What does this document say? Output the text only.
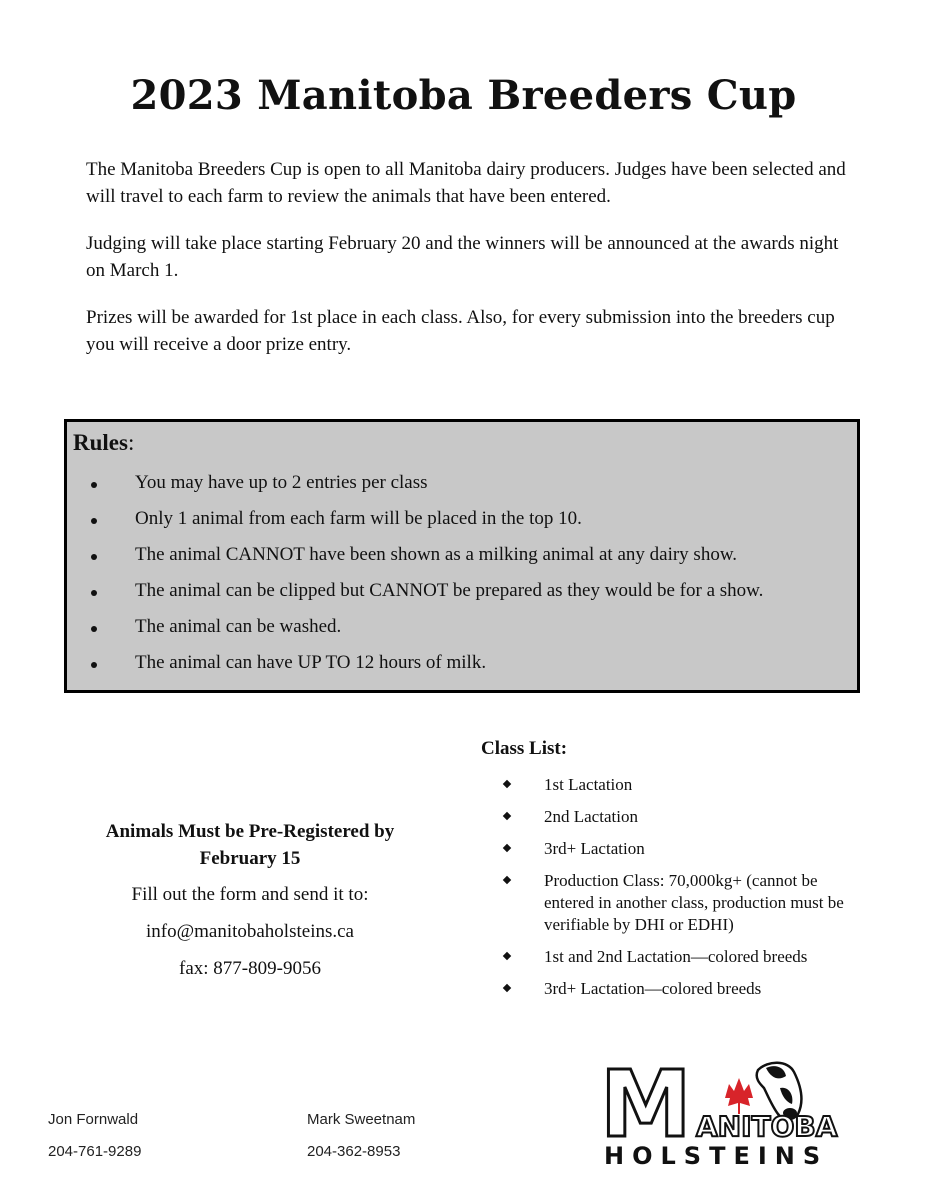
2023 Manitoba Breeders Cup

The Manitoba Breeders Cup is open to all Manitoba dairy producers. Judges have been selected and will travel to each farm to review the animals that have been entered.

Judging will take place starting February 20 and the winners will be announced at the awards night on March 1.

Prizes will be awarded for 1st place in each class. Also, for every submission into the breeders cup you will receive a door prize entry.

Rules:
You may have up to 2 entries per class
Only 1 animal from each farm will be placed in the top 10.
The animal CANNOT have been shown as a milking animal at any dairy show.
The animal can be clipped but CANNOT be prepared as they would be for a show.
The animal can be washed.
The animal can have UP TO 12 hours of milk.
Animals Must be Pre-Registered by
February 15
Fill out the form and send it to:
info@manitobaholsteins.ca
fax: 877-809-9056
Class List:
1st Lactation
2nd Lactation
3rd+ Lactation
Production Class: 70,000kg+ (cannot be entered in another class, production must be verifiable by DHI or EDHI)
1st and 2nd Lactation—colored breeds
3rd+ Lactation—colored breeds
Jon Fornwald
204-761-9289
Mark Sweetnam
204-362-8953 M ANITOBA
HOLSTEINS
